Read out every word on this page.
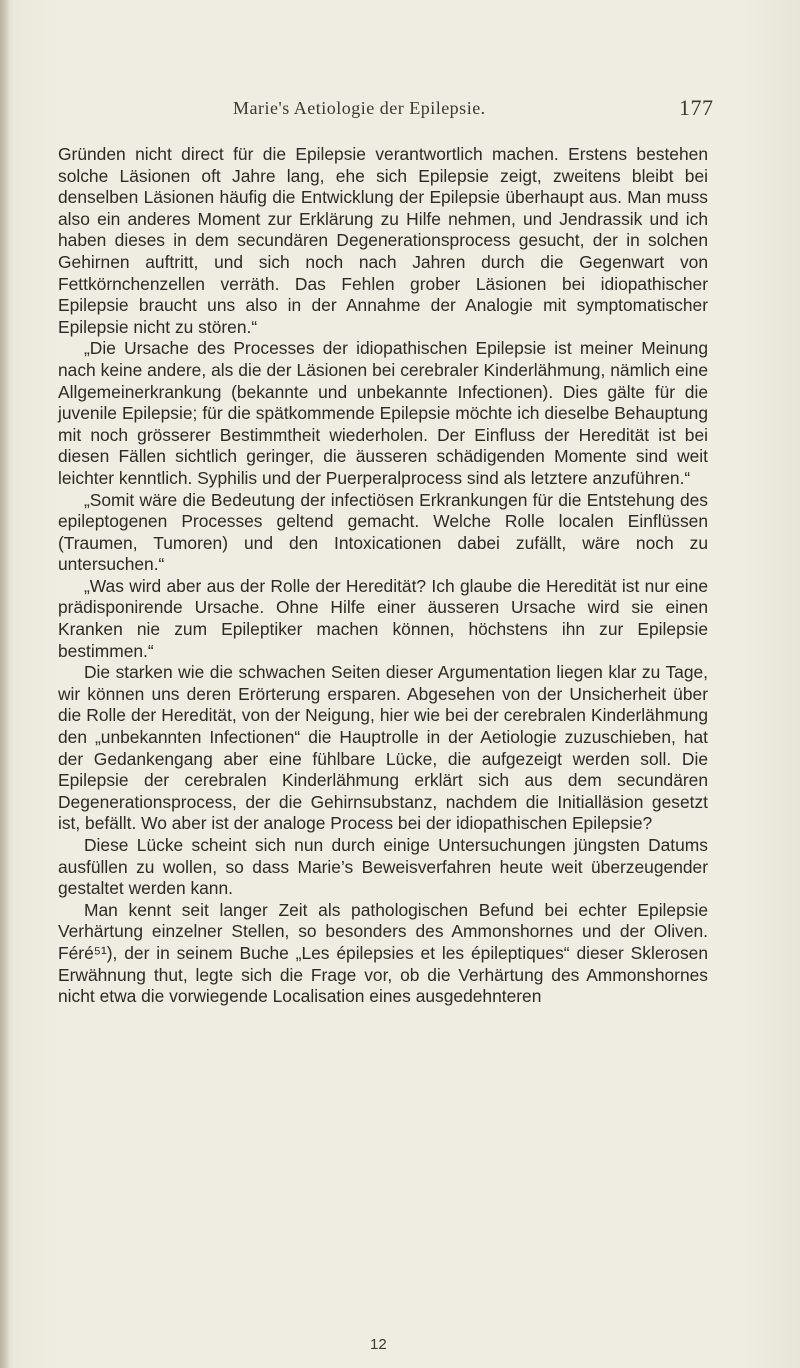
Marie's Aetiologie der Epilepsie.	177

Gründen nicht direct für die Epilepsie verantwortlich machen. Erstens bestehen solche Läsionen oft Jahre lang, ehe sich Epilepsie zeigt, zweitens bleibt bei denselben Läsionen häufig die Entwicklung der Epilepsie überhaupt aus. Man muss also ein anderes Moment zur Erklärung zu Hilfe nehmen, und Jendrassik und ich haben dieses in dem secundären Degenerationsprocess gesucht, der in solchen Gehirnen auftritt, und sich noch nach Jahren durch die Gegenwart von Fettkörnchenzellen verräth. Das Fehlen grober Läsionen bei idiopathischer Epilepsie braucht uns also in der Annahme der Analogie mit symptomatischer Epilepsie nicht zu stören.“

„Die Ursache des Processes der idiopathischen Epilepsie ist meiner Meinung nach keine andere, als die der Läsionen bei cerebraler Kinderlähmung, nämlich eine Allgemeinerkrankung (bekannte und unbekannte Infectionen). Dies gälte für die juvenile Epilepsie; für die spätkommende Epilepsie möchte ich dieselbe Behauptung mit noch grösserer Bestimmtheit wiederholen. Der Einfluss der Heredität ist bei diesen Fällen sichtlich geringer, die äusseren schädigenden Momente sind weit leichter kenntlich. Syphilis und der Puerperalprocess sind als letztere anzuführen.“

„Somit wäre die Bedeutung der infectiösen Erkrankungen für die Entstehung des epileptogenen Processes geltend gemacht. Welche Rolle localen Einflüssen (Traumen, Tumoren) und den Intoxicationen dabei zufällt, wäre noch zu untersuchen.“

„Was wird aber aus der Rolle der Heredität? Ich glaube die Heredität ist nur eine prädisponirende Ursache. Ohne Hilfe einer äusseren Ursache wird sie einen Kranken nie zum Epileptiker machen können, höchstens ihn zur Epilepsie bestimmen.“

Die starken wie die schwachen Seiten dieser Argumentation liegen klar zu Tage, wir können uns deren Erörterung ersparen. Abgesehen von der Unsicherheit über die Rolle der Heredität, von der Neigung, hier wie bei der cerebralen Kinderlähmung den „unbekannten Infectionen“ die Hauptrolle in der Aetiologie zuzuschieben, hat der Gedankengang aber eine fühlbare Lücke, die aufgezeigt werden soll. Die Epilepsie der cerebralen Kinderlähmung erklärt sich aus dem secundären Degenerationsprocess, der die Gehirnsubstanz, nachdem die Initialläsion gesetzt ist, befällt. Wo aber ist der analoge Process bei der idiopathischen Epilepsie?

Diese Lücke scheint sich nun durch einige Untersuchungen jüngsten Datums ausfüllen zu wollen, so dass Marie’s Beweisverfahren heute weit überzeugender gestaltet werden kann.

Man kennt seit langer Zeit als pathologischen Befund bei echter Epilepsie Verhärtung einzelner Stellen, so besonders des Ammonshornes und der Oliven. Féré⁵¹), der in seinem Buche „Les épilepsies et les épileptiques“ dieser Sklerosen Erwähnung thut, legte sich die Frage vor, ob die Verhärtung des Ammonshornes nicht etwa die vorwiegende Localisation eines ausgedehnteren

12
